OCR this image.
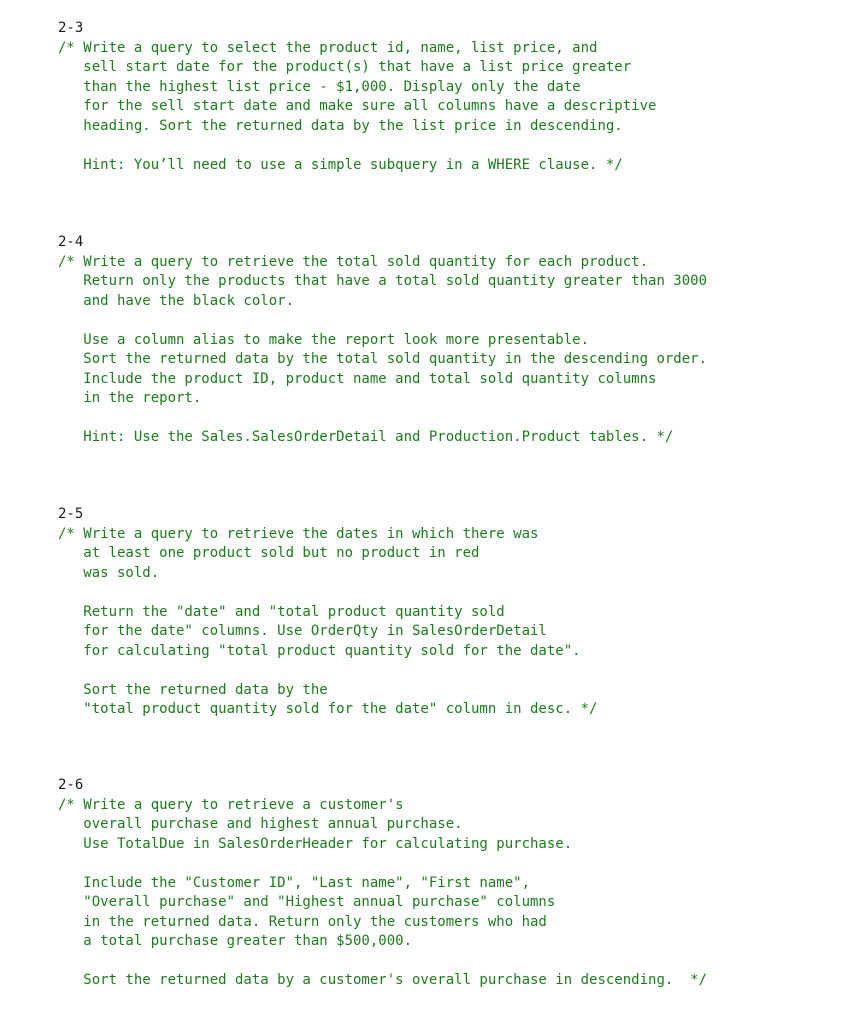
2-3
/* Write a query to select the product id, name, list price, and
sell start date for the product(s) that have a list price greater
than the highest list price - $1,000. Display only the date
for the sell start date and make sure all columns have a descriptive
heading. Sort the returned data by the list price in descending.
Hint: You’ll need to use a simple subquery in a WHERE clause. */
2-4
/* Write a query to retrieve the total sold quantity for each product.
Return only the products that have a total sold quantity greater than 3000
and have the black color.
Use a column alias to make the report look more presentable.
Sort the returned data by the total sold quantity in the descending order.
Include the product ID, product name and total sold quantity columns
in the report.
Hint: Use the Sales.SalesOrderDetail and Production.Product tables. */
2-5
/* Write a query to retrieve the dates in which there was
at least one product sold but no product in red
was sold.
Return the "date" and "total product quantity sold
for the date" columns. Use OrderQty in SalesOrderDetail
for calculating "total product quantity sold for the date".
Sort the returned data by the
"total product quantity sold for the date" column in desc. */
2-6
/* Write a query to retrieve a customer's
overall purchase and highest annual purchase.
Use TotalDue in SalesOrderHeader for calculating purchase.
Include the "Customer ID", "Last name", "First name",
"Overall purchase" and "Highest annual purchase" columns
in the returned data. Return only the customers who had
a total purchase greater than $500,000.
Sort the returned data by a customer's overall purchase in descending.  */
